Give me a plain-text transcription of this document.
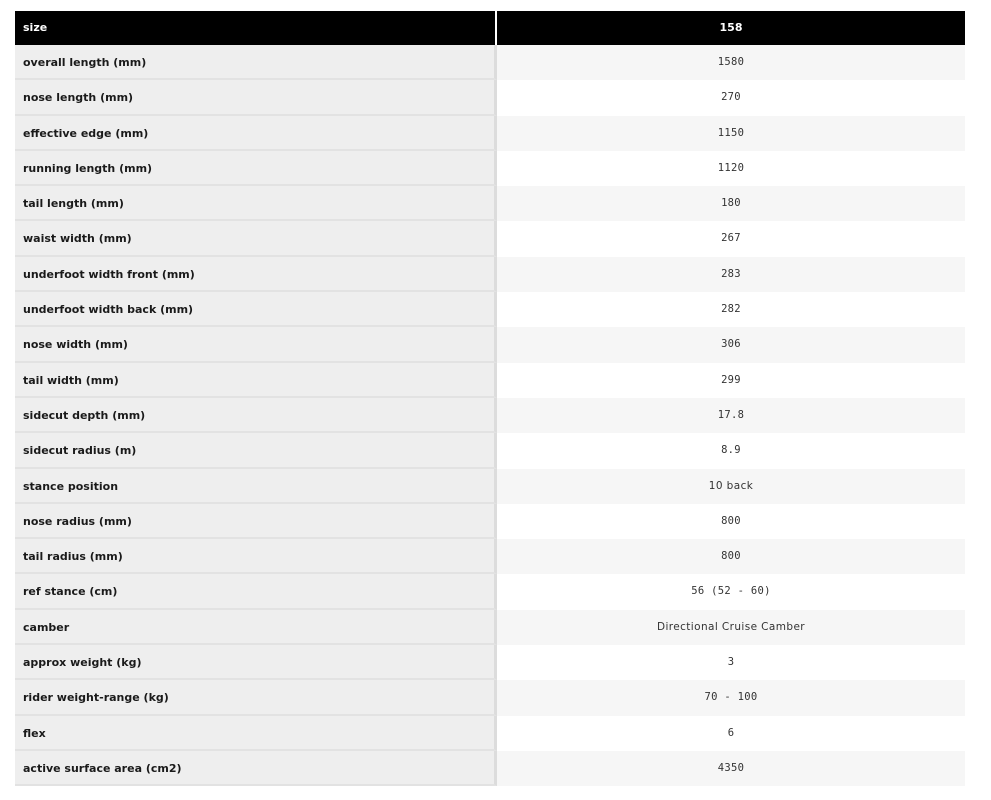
size	158
overall length (mm)	1580
nose length (mm)	270
effective edge (mm)	1150
running length (mm)	1120
tail length (mm)	180
waist width (mm)	267
underfoot width front (mm)	283
underfoot width back (mm)	282
nose width (mm)	306
tail width (mm)	299
sidecut depth (mm)	17.8
sidecut radius (m)	8.9
stance position	10 back
nose radius (mm)	800
tail radius (mm)	800
ref stance (cm)	56 (52 - 60)
camber	Directional Cruise Camber
approx weight (kg)	3
rider weight-range (kg)	70 - 100
flex	6
active surface area (cm2)	4350
